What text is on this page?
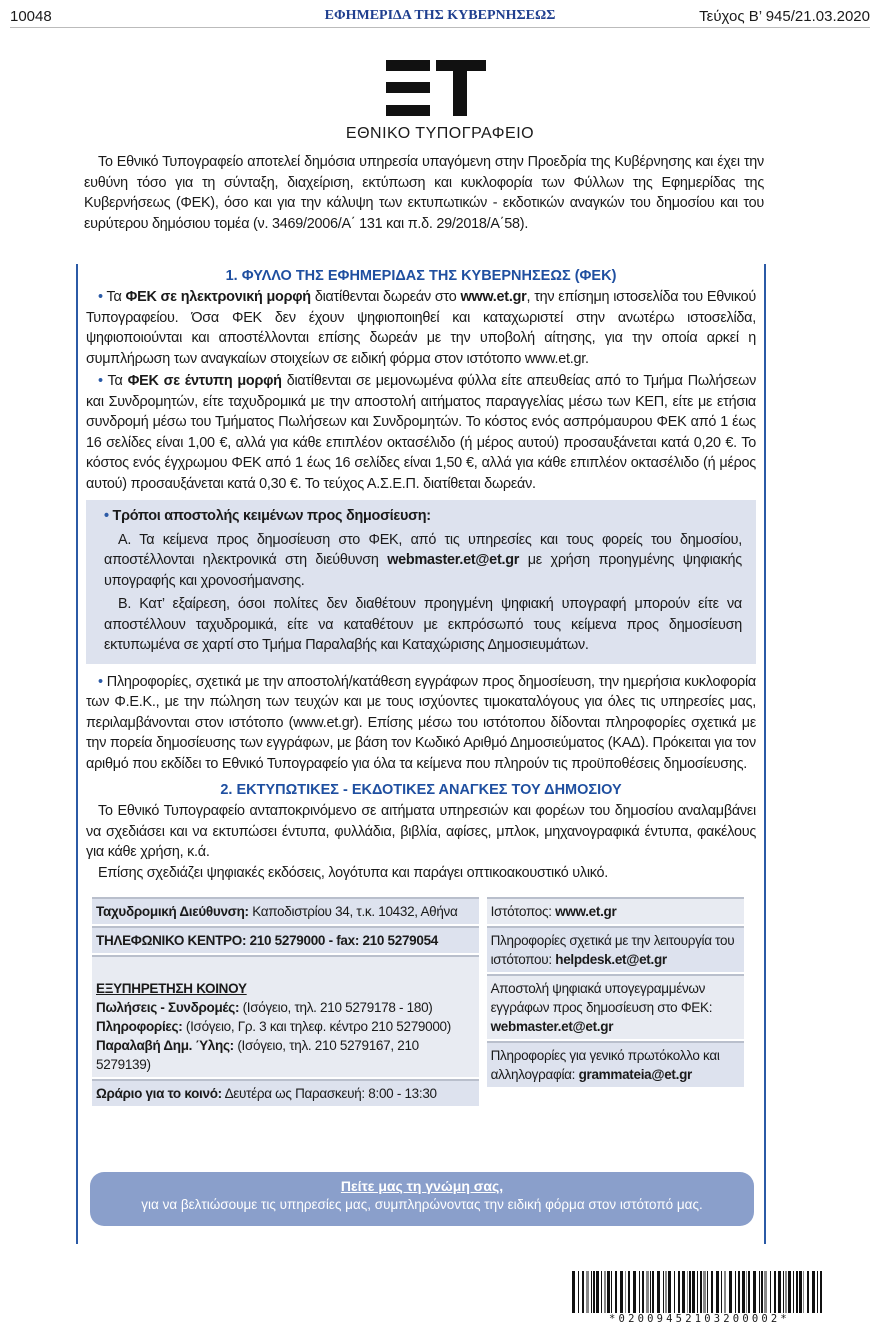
10048	ΕΦΗΜΕΡΙΔΑ ΤΗΣ ΚΥΒΕΡΝΗΣΕΩΣ	Τεύχος Β’ 945/21.03.2020
ΕΘΝΙΚΟ ΤΥΠΟΓΡΑΦΕΙΟ

Το Εθνικό Τυπογραφείο αποτελεί δημόσια υπηρεσία υπαγόμενη στην Προεδρία της Κυβέρνησης και έχει την ευθύνη τόσο για τη σύνταξη, διαχείριση, εκτύπωση και κυκλοφορία των Φύλλων της Εφημερίδας της Κυβερνήσεως (ΦΕΚ), όσο και για την κάλυψη των εκτυπωτικών - εκδοτικών αναγκών του δημοσίου και του ευρύτερου δημόσιου τομέα (ν. 3469/2006/Α΄ 131 και π.δ. 29/2018/Α΄58).

1. ΦΥΛΛΟ ΤΗΣ ΕΦΗΜΕΡΙΔΑΣ ΤΗΣ ΚΥΒΕΡΝΗΣΕΩΣ (ΦΕΚ)

• Τα ΦΕΚ σε ηλεκτρονική μορφή διατίθενται δωρεάν στο www.et.gr, την επίσημη ιστοσελίδα του Εθνικού Τυπογραφείου. Όσα ΦΕΚ δεν έχουν ψηφιοποιηθεί και καταχωριστεί στην ανωτέρω ιστοσελίδα, ψηφιοποιούνται και αποστέλλονται επίσης δωρεάν με την υποβολή αίτησης, για την οποία αρκεί η συμπλήρωση των αναγκαίων στοιχείων σε ειδική φόρμα στον ιστότοπο www.et.gr.

• Τα ΦΕΚ σε έντυπη μορφή διατίθενται σε μεμονωμένα φύλλα είτε απευθείας από το Τμήμα Πωλήσεων και Συνδρομητών, είτε ταχυδρομικά με την αποστολή αιτήματος παραγγελίας μέσω των ΚΕΠ, είτε με ετήσια συνδρομή μέσω του Τμήματος Πωλήσεων και Συνδρομητών. Το κόστος ενός ασπρόμαυρου ΦΕΚ από 1 έως 16 σελίδες είναι 1,00 €, αλλά για κάθε επιπλέον οκτασέλιδο (ή μέρος αυτού) προσαυξάνεται κατά 0,20 €. Το κόστος ενός έγχρωμου ΦΕΚ από 1 έως 16 σελίδες είναι 1,50 €, αλλά για κάθε επιπλέον οκτασέλιδο (ή μέρος αυτού) προσαυξάνεται κατά 0,30 €. Το τεύχος Α.Σ.Ε.Π. διατίθεται δωρεάν.

• Τρόποι αποστολής κειμένων προς δημοσίευση:

Α. Τα κείμενα προς δημοσίευση στο ΦΕΚ, από τις υπηρεσίες και τους φορείς του δημοσίου, αποστέλλονται ηλεκτρονικά στη διεύθυνση webmaster.et@et.gr με χρήση προηγμένης ψηφιακής υπογραφής και χρονοσήμανσης.

Β. Κατ’ εξαίρεση, όσοι πολίτες δεν διαθέτουν προηγμένη ψηφιακή υπογραφή μπορούν είτε να αποστέλλουν ταχυδρομικά, είτε να καταθέτουν με εκπρόσωπό τους κείμενα προς δημοσίευση εκτυπωμένα σε χαρτί στο Τμήμα Παραλαβής και Καταχώρισης Δημοσιευμάτων.

• Πληροφορίες, σχετικά με την αποστολή/κατάθεση εγγράφων προς δημοσίευση, την ημερήσια κυκλοφορία των Φ.Ε.Κ., με την πώληση των τευχών και με τους ισχύοντες τιμοκαταλόγους για όλες τις υπηρεσίες μας, περιλαμβάνονται στον ιστότοπο (www.et.gr). Επίσης μέσω του ιστότοπου δίδονται πληροφορίες σχετικά με την πορεία δημοσίευσης των εγγράφων, με βάση τον Κωδικό Αριθμό Δημοσιεύματος (ΚΑΔ). Πρόκειται για τον αριθμό που εκδίδει το Εθνικό Τυπογραφείο για όλα τα κείμενα που πληρούν τις προϋποθέσεις δημοσίευσης.

2. ΕΚΤΥΠΩΤΙΚΕΣ - ΕΚΔΟΤΙΚΕΣ ΑΝΑΓΚΕΣ ΤΟΥ ΔΗΜΟΣΙΟΥ

Το Εθνικό Τυπογραφείο ανταποκρινόμενο σε αιτήματα υπηρεσιών και φορέων του δημοσίου αναλαμβάνει να σχεδιάσει και να εκτυπώσει έντυπα, φυλλάδια, βιβλία, αφίσες, μπλοκ, μηχανογραφικά έντυπα, φακέλους για κάθε χρήση, κ.ά.

Επίσης σχεδιάζει ψηφιακές εκδόσεις, λογότυπα και παράγει οπτικοακουστικό υλικό.

Ταχυδρομική Διεύθυνση: Καποδιστρίου 34, τ.κ. 10432, Αθήνα
ΤΗΛΕΦΩΝΙΚΟ ΚΕΝΤΡΟ: 210 5279000 - fax: 210 5279054
ΕΞΥΠΗΡΕΤΗΣΗ ΚΟΙΝΟΥ
Πωλήσεις - Συνδρομές: (Ισόγειο, τηλ. 210 5279178 - 180)
Πληροφορίες: (Ισόγειο, Γρ. 3 και τηλεφ. κέντρο 210 5279000)
Παραλαβή Δημ. Ύλης: (Ισόγειο, τηλ. 210 5279167, 210 5279139)
Ωράριο για το κοινό: Δευτέρα ως Παρασκευή: 8:00 - 13:30
Ιστότοπος: www.et.gr
Πληροφορίες σχετικά με την λειτουργία του ιστότοπου: helpdesk.et@et.gr
Αποστολή ψηφιακά υπογεγραμμένων εγγράφων προς δημοσίευση στο ΦΕΚ: webmaster.et@et.gr
Πληροφορίες για γενικό πρωτόκολλο και αλληλογραφία: grammateia@et.gr
Πείτε μας τη γνώμη σας,
για να βελτιώσουμε τις υπηρεσίες μας, συμπληρώνοντας την ειδική φόρμα στον ιστότοπό μας.
*02009452103200002*
